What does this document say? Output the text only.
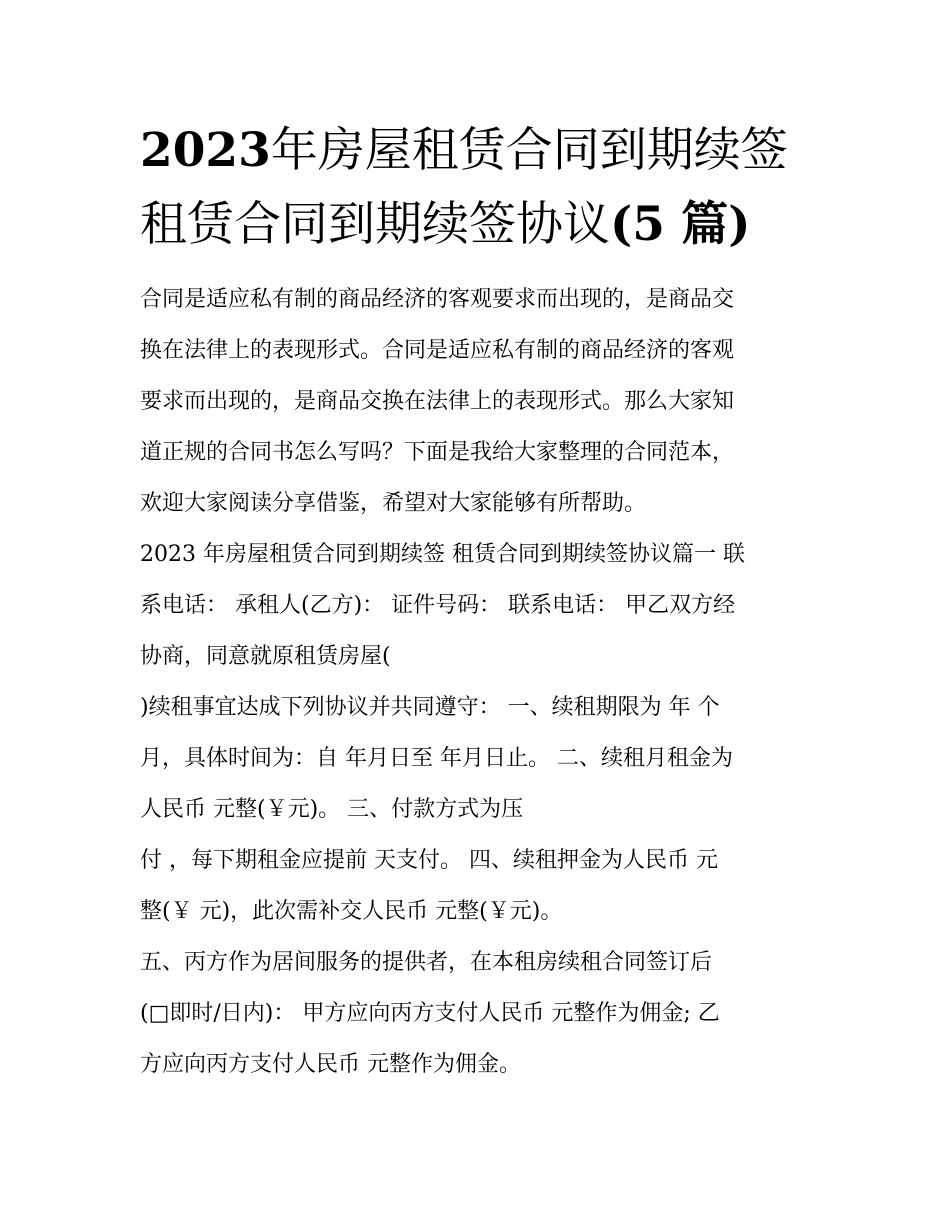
2023年房屋租赁合同到期续签
租赁合同到期续签协议(5 篇)
合同是适应私有制的商品经济的客观要求而出现的，是商品交
换在法律上的表现形式。合同是适应私有制的商品经济的客观
要求而出现的，是商品交换在法律上的表现形式。那么大家知
道正规的合同书怎么写吗？下面是我给大家整理的合同范本，
欢迎大家阅读分享借鉴，希望对大家能够有所帮助。
2023 年房屋租赁合同到期续签 租赁合同到期续签协议篇一 联
系电话： 承租人(乙方)： 证件号码： 联系电话： 甲乙双方经
协商，同意就原租赁房屋(
)续租事宜达成下列协议并共同遵守： 一、续租期限为 年 个
月，具体时间为：自 年月日至 年月日止。 二、续租月租金为
人民币 元整(￥元)。 三、付款方式为压
付 ，每下期租金应提前 天支付。 四、续租押金为人民币 元
整(￥ 元)，此次需补交人民币 元整(￥元)。
五、丙方作为居间服务的提供者，在本租房续租合同签订后
(□即时/日内)： 甲方应向丙方支付人民币 元整作为佣金; 乙
方应向丙方支付人民币 元整作为佣金。
